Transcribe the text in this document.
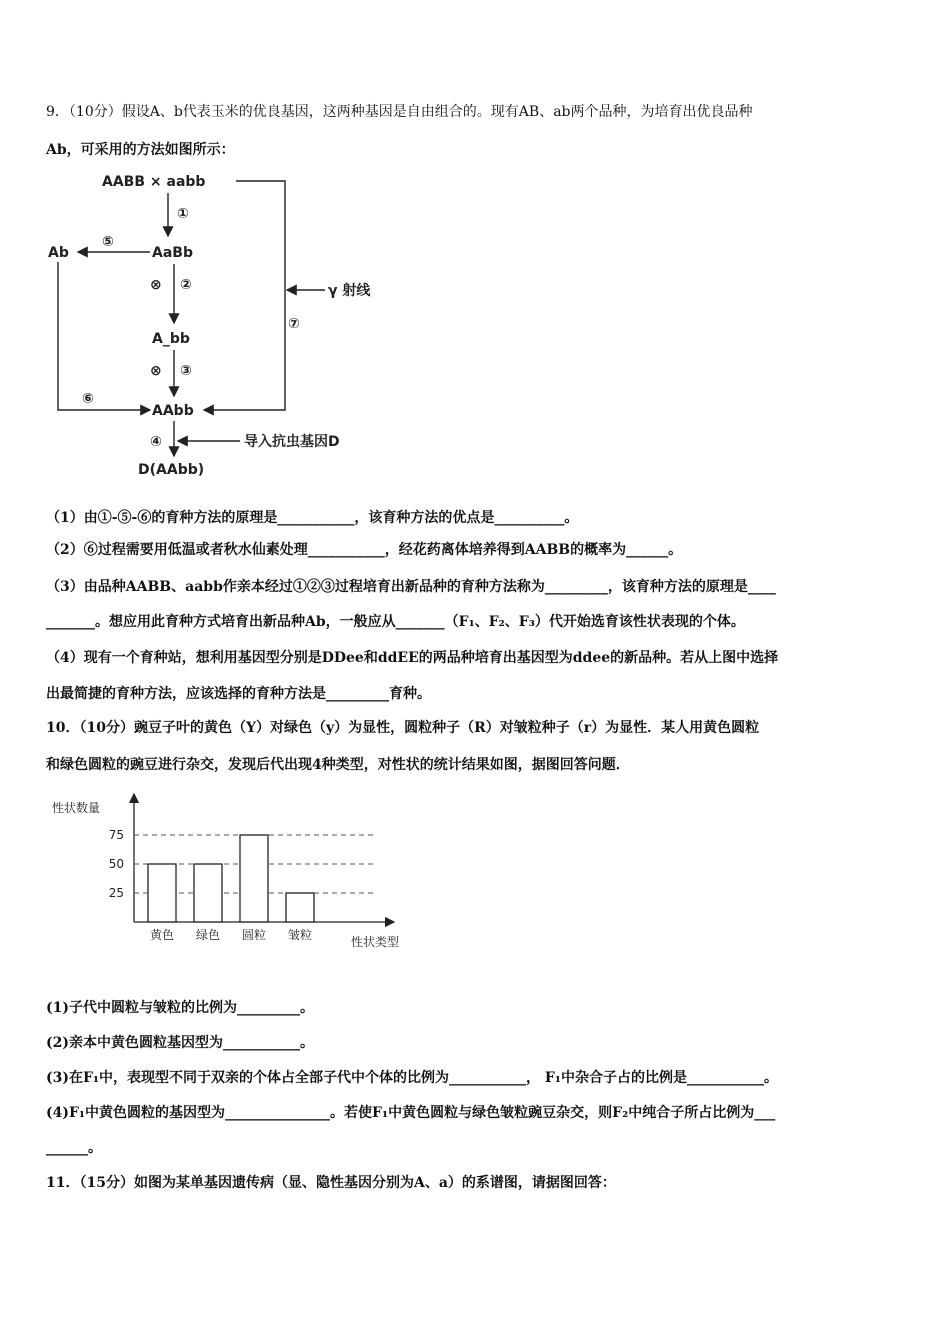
9．（10分）假设A、b代表玉米的优良基因，这两种基因是自由组合的。现有AB、ab两个品种，为培育出优良品种
Ab，可采用的方法如图所示：
AABB × aabb
①
AaBb
⑤
Ab
⊗ ②
A_bb
⊗ ③
AAbb
⑥
γ 射线
⑦
④	导入抗虫基因D
D(AAbb)
（1）由①-⑤-⑥的育种方法的原理是___________，该育种方法的优点是__________。
（2）⑥过程需要用低温或者秋水仙素处理___________，经花药离体培养得到AABB的概率为______。
（3）由品种AABB、aabb作亲本经过①②③过程培育出新品种的育种方法称为_________，该育种方法的原理是____
_______。想应用此育种方式培育出新品种Ab，一般应从_______（F₁、F₂、F₃）代开始选育该性状表现的个体。
（4）现有一个育种站，想利用基因型分别是DDee和ddEE的两品种培育出基因型为ddee的新品种。若从上图中选择
出最简捷的育种方法，应该选择的育种方法是_________育种。
10．（10分）豌豆子叶的黄色（Y）对绿色（y）为显性，圆粒种子（R）对皱粒种子（r）为显性．某人用黄色圆粒
和绿色圆粒的豌豆进行杂交，发现后代出现4种类型，对性状的统计结果如图，据图回答问题．
性状数量
性状类型
25
50
75
黄色 绿色 圆粒 皱粒
(1)子代中圆粒与皱粒的比例为_________。
(2)亲本中黄色圆粒基因型为___________。
(3)在F₁中，表现型不同于双亲的个体占全部子代中个体的比例为___________， F₁中杂合子占的比例是___________。
(4)F₁中黄色圆粒的基因型为_______________。若使F₁中黄色圆粒与绿色皱粒豌豆杂交，则F₂中纯合子所占比例为___
______。
11．（15分）如图为某单基因遗传病（显、隐性基因分别为A、a）的系谱图，请据图回答：
